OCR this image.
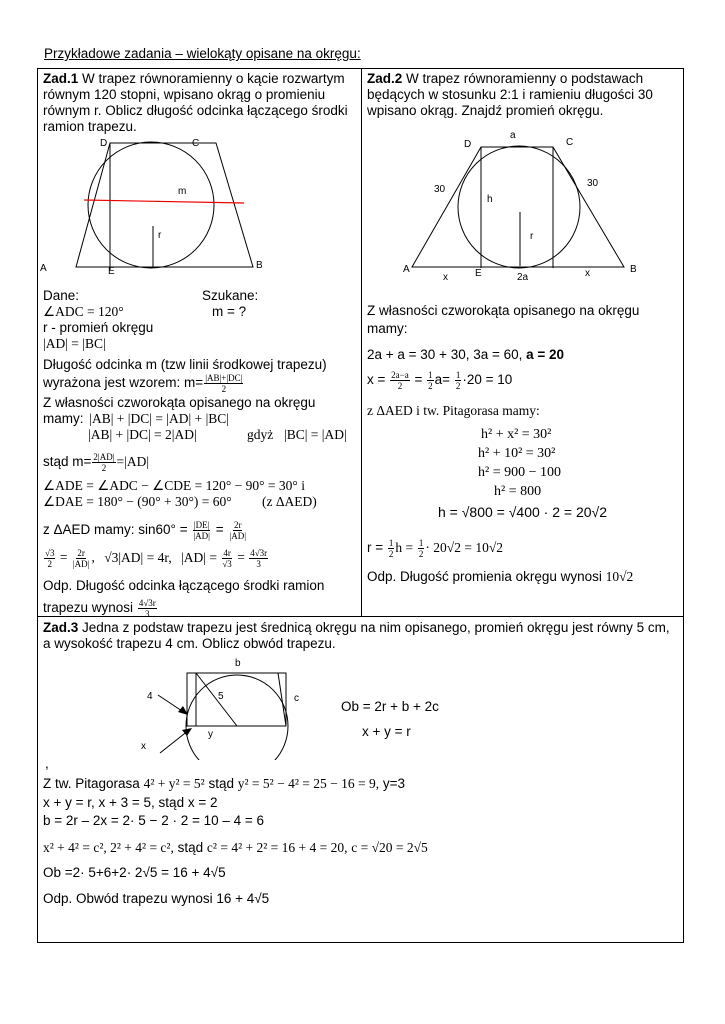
Przykładowe zadania – wielokąty opisane na okręgu:
Zad.1 W trapez równoramienny o kącie rozwartym
równym 120 stopni, wpisano okrąg o promieniu
równym r. Oblicz długość odcinka łączącego środki
ramion trapezu.
D	C
m
r
A	E
B
Dane:	Szukane:
∠ADC = 120°	m = ?
r - promień okręgu
|AD| = |BC|
Długość odcinka m (tzw linii środkowej trapezu)
wyrażona jest wzorem: $m= \frac{|AB|+|DC|}{2}$
Z własności czworokąta opisanego na okręgu
mamy: |AB| + |DC| = |AD| + |BC|
|AB| + |DC| = 2|AD|	gdyż |BC| = |AD|
stąd $m= \frac{2|AD|}{2} =|AD|$
∠ADE = ∠ADC − ∠CDE = 120° − 90° = 30° i
∠DAE = 180° − (90° + 30°) = 60° (z ΔAED)
z ΔAED mamy: $\sin 60^\circ = \frac{|DE|}{|AD|} = \frac{2r}{|AD|}$
$\frac{√3}{2} = \frac{2r}{|AD|}$ , √3|AD| = 4r, $|AD| = \frac{4r}{√3} = \frac{4√3r}{3}$
Odp. Długość odcinka łączącego środki ramion
trapezu wynosi $\frac{4√3r}{3}$
Zad.2 W trapez równoramienny o podstawach
będących w stosunku 2:1 i ramieniu długości 30
wpisano okrąg. Znajdź promień okręgu.
a
D	C
30
30
h
r
A
x	E	2a	x	B
Z własności czworokąta opisanego na okręgu
mamy:
2a + a = 30 + 30, 3a = 60, a = 20
$x = \frac{2a-a}{2} = \frac{1}{2} a= \frac{1}{2} \cdot 20 = 10$
z ΔAED i tw. Pitagorasa mamy:
h² + x² = 30²
h² + 10² = 30²
h² = 900 − 100
h² = 800
h = √800 = √400 · 2 = 20√2
$r = \frac{1}{2}$ $h = \frac{1}{2} \cdot 20√2 = 10√2$
Odp. Długość promienia okręgu wynosi 10√2
Zad.3 Jedna z podstaw trapezu jest średnicą okręgu na nim opisanego, promień okręgu jest równy 5 cm,
a wysokość trapezu 4 cm. Oblicz obwód trapezu.
b
4	5	c
y
x
Ob = 2r + b + 2c
x + y = r
,
Z tw. Pitagorasa 4² + y² = 5² stąd y² = 5² − 4² = 25 − 16 = 9, y=3
x + y = r, x + 3 = 5, stąd x = 2
b = 2r – 2x = 2· 5 − 2 · 2 = 10 – 4 = 6
x² + 4² = c², 2² + 4² = c², stąd c² = 4² + 2² = 16 + 4 = 20, c = √20 = 2√5
Ob =2· 5+6+2· 2√5 = 16 + 4√5
Odp. Obwód trapezu wynosi 16 + 4√5
